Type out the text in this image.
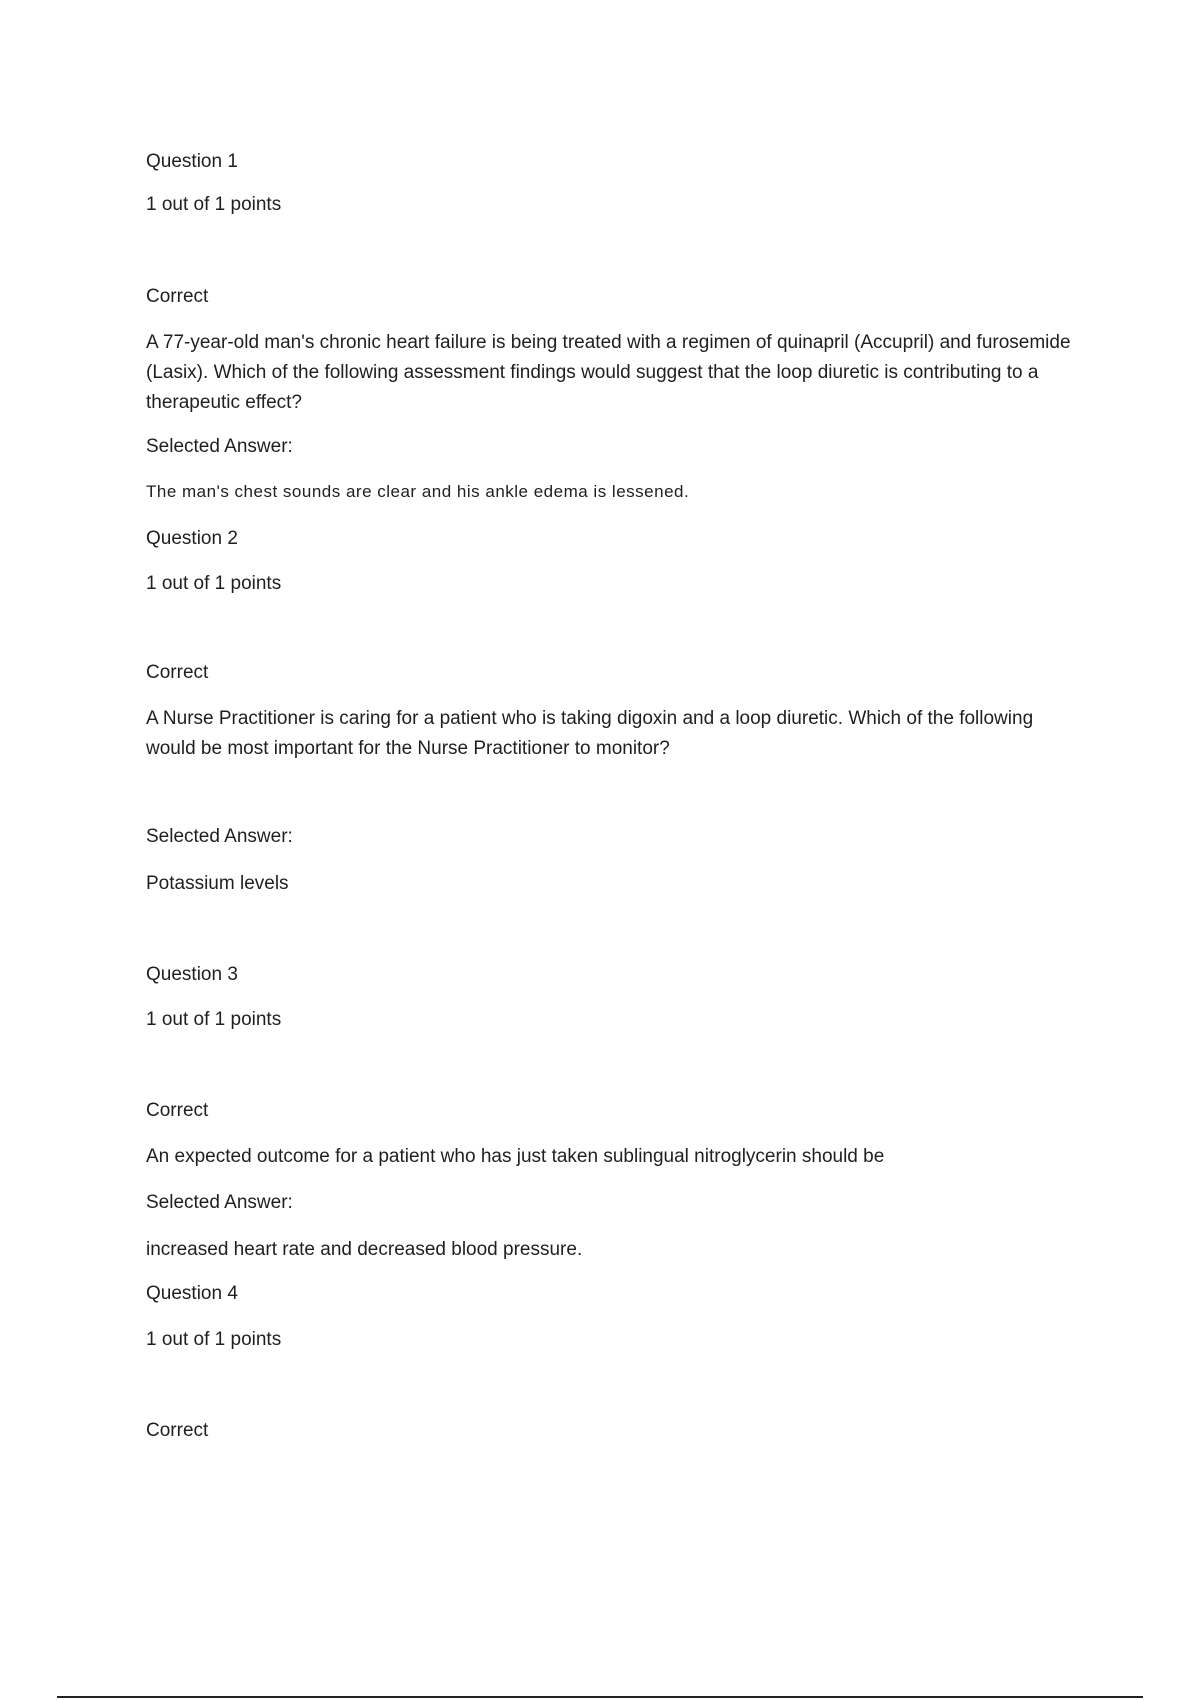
Question 1

1 out of 1 points

Correct

A 77-year-old man's chronic heart failure is being treated with a regimen of quinapril (Accupril) and furosemide (Lasix). Which of the following assessment findings would suggest that the loop diuretic is contributing to a therapeutic effect?

Selected Answer:

The man's chest sounds are clear and his ankle edema is lessened.

Question 2

1 out of 1 points

Correct

A Nurse Practitioner is caring for a patient who is taking digoxin and a loop diuretic. Which of the following would be most important for the Nurse Practitioner to monitor?

Selected Answer:

Potassium levels

Question 3

1 out of 1 points

Correct

An expected outcome for a patient who has just taken sublingual nitroglycerin should be

Selected Answer:

increased heart rate and decreased blood pressure.

Question 4

1 out of 1 points

Correct
